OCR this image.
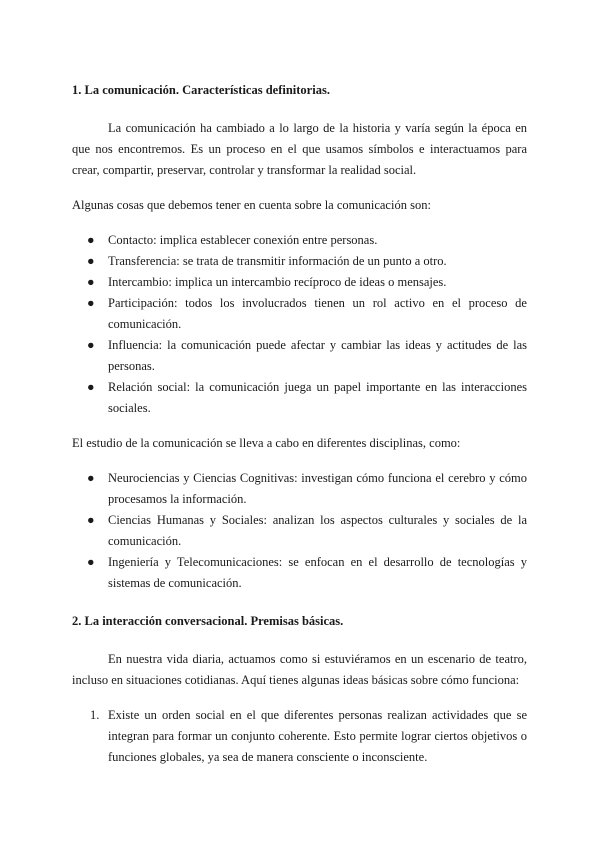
1. La comunicación. Características definitorias.

La comunicación ha cambiado a lo largo de la historia y varía según la época en que nos encontremos. Es un proceso en el que usamos símbolos e interactuamos para crear, compartir, preservar, controlar y transformar la realidad social.

Algunas cosas que debemos tener en cuenta sobre la comunicación son:

● Contacto: implica establecer conexión entre personas.
● Transferencia: se trata de transmitir información de un punto a otro.
● Intercambio: implica un intercambio recíproco de ideas o mensajes.
● Participación: todos los involucrados tienen un rol activo en el proceso de comunicación.
● Influencia: la comunicación puede afectar y cambiar las ideas y actitudes de las personas.
● Relación social: la comunicación juega un papel importante en las interacciones sociales.

El estudio de la comunicación se lleva a cabo en diferentes disciplinas, como:

● Neurociencias y Ciencias Cognitivas: investigan cómo funciona el cerebro y cómo procesamos la información.
● Ciencias Humanas y Sociales: analizan los aspectos culturales y sociales de la comunicación.
● Ingeniería y Telecomunicaciones: se enfocan en el desarrollo de tecnologías y sistemas de comunicación.
2. La interacción conversacional. Premisas básicas.

En nuestra vida diaria, actuamos como si estuviéramos en un escenario de teatro, incluso en situaciones cotidianas. Aquí tienes algunas ideas básicas sobre cómo funciona:

1. Existe un orden social en el que diferentes personas realizan actividades que se integran para formar un conjunto coherente. Esto permite lograr ciertos objetivos o funciones globales, ya sea de manera consciente o inconsciente.
